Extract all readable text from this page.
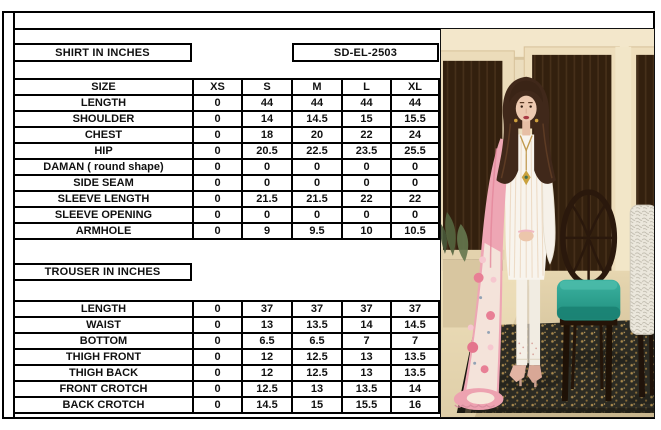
SHIRT IN INCHES	SD-EL-2503
TROUSER IN INCHES
SIZE	XS	S	M	L	XL
LENGTH	0	44	44	44	44
SHOULDER	0	14	14.5	15	15.5
CHEST	0	18	20	22	24
HIP	0	20.5	22.5	23.5	25.5
DAMAN ( round shape)	0	0	0	0	0
SIDE SEAM	0	0	0	0	0
SLEEVE LENGTH	0	21.5	21.5	22	22
SLEEVE OPENING	0	0	0	0	0
ARMHOLE	0	9	9.5	10	10.5
LENGTH	0	37	37	37	37
WAIST	0	13	13.5	14	14.5
BOTTOM	0	6.5	6.5	7	7
THIGH FRONT	0	12	12.5	13	13.5
THIGH BACK	0	12	12.5	13	13.5
FRONT CROTCH	0	12.5	13	13.5	14
BACK CROTCH	0	14.5	15	15.5	16
